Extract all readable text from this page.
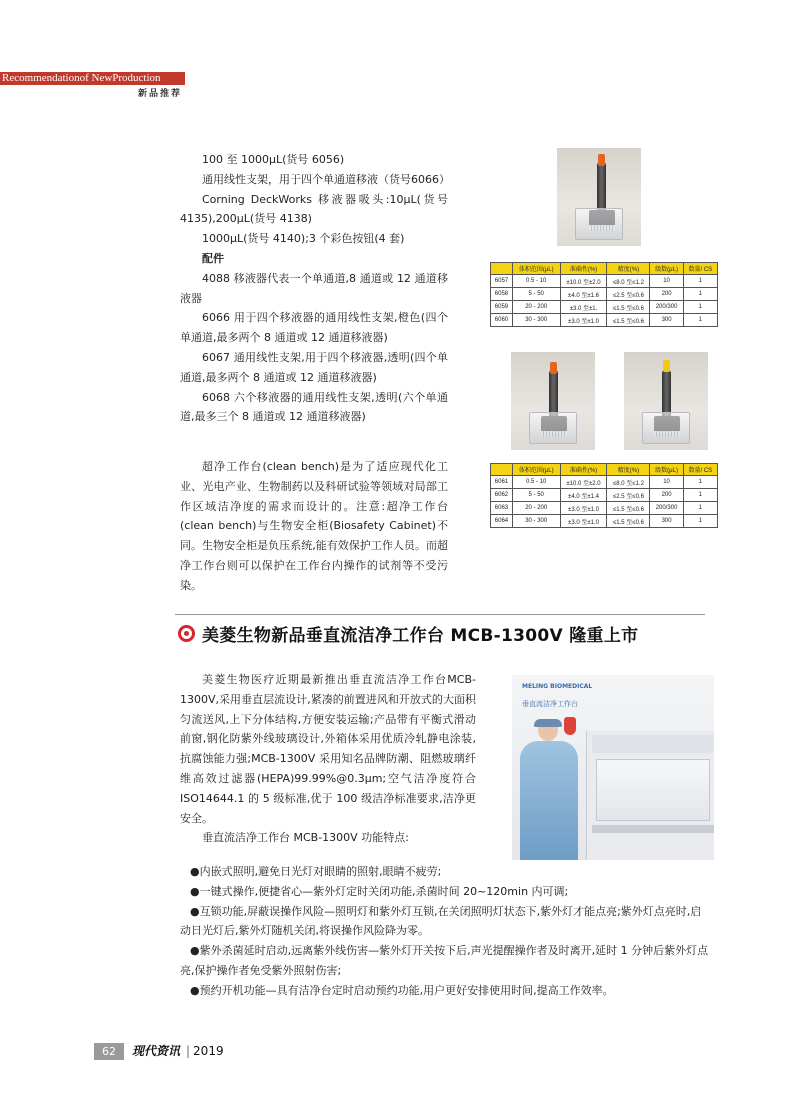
Recommendationof NewProduction
新品推荐

100 至 1000μL(货号 6056)

通用线性支架，用于四个单通道移液（货号6066）

Corning DeckWorks 移液器吸头:10μL(货号4135),200μL(货号 4138)

1000μL(货号 4140);3 个彩色按钮(4 套)

配件

4088 移液器代表一个单通道,8 通道或 12 通道移液器

6066 用于四个移液器的通用线性支架,橙色(四个单通道,最多两个 8 通道或 12 通道移液器)

6067 通用线性支架,用于四个移液器,透明(四个单通道,最多两个 8 通道或 12 通道移液器)

6068 六个移液器的通用线性支架,透明(六个单通道,最多三个 8 通道或 12 通道移液器)

超净工作台(clean bench)是为了适应现代化工业、光电产业、生物制药以及科研试验等领域对局部工作区域洁净度的需求而设计的。注意:超净工作台(clean bench)与生物安全柜(Biosafety Cabinet)不同。生物安全柜是负压系统,能有效保护工作人员。而超净工作台则可以保护在工作台内操作的试剂等不受污染。

	体积范围(μL)	准确性(%)	精度(%)	级数(μL)	数量/ CS
6057	0.5 - 10	±10.0 至±2.0	≤8.0 至≤1.2	10	1
6058	5 - 50	±4.0 至±1.6	≤2.5 至≤0.6	200	1
6059	20 - 200	±3.0 至±1.	≤1.5 至≤0.6	200/300	1
6060	30 - 300	±3.0 至±1.0	≤1.5 至≤0.6	300	1
	体积范围(μL)	准确性(%)	精度(%)	级数(μL)	数量/ CS
6061	0.5 - 10	±10.0 至±2.0	≤8.0 至≤1.2	10	1
6062	5 - 50	±4.0 至±1.4	≤2.5 至≤0.6	200	1
6063	20 - 200	±3.0 至±1.0	≤1.5 至≤0.6	200/300	1
6064	30 - 300	±3.0 至±1.0	≤1.5 至≤0.6	300	1
美菱生物新品垂直流洁净工作台 MCB-1300V 隆重上市

美菱生物医疗近期最新推出垂直流洁净工作台MCB-1300V,采用垂直层流设计,紧凑的前置进风和开放式的大面积匀流送风,上下分体结构,方便安装运输;产品带有平衡式滑动前窗,钢化防紫外线玻璃设计,外箱体采用优质冷轧静电涂装,抗腐蚀能力强;MCB-1300V 采用知名品牌防潮、阻燃玻璃纤维高效过滤器(HEPA)99.99%@0.3μm;空气洁净度符合 ISO14644.1 的 5 级标准,优于 100 级洁净标准要求,洁净更安全。

垂直流洁净工作台 MCB-1300V 功能特点:

MELING BIOMEDICAL
垂直流洁净工作台

●内嵌式照明,避免日光灯对眼睛的照射,眼睛不疲劳;

●一键式操作,便捷省心—紫外灯定时关闭功能,杀菌时间 20~120min 内可调;

●互锁功能,屏蔽误操作风险—照明灯和紫外灯互锁,在关闭照明灯状态下,紫外灯才能点亮;紫外灯点亮时,启动日光灯后,紫外灯随机关闭,将误操作风险降为零。

●紫外杀菌延时启动,远离紫外线伤害—紫外灯开关按下后,声光提醒操作者及时离开,延时 1 分钟后紫外灯点亮,保护操作者免受紫外照射伤害;

●预约开机功能—具有洁净台定时启动预约功能,用户更好安排使用时间,提高工作效率。

62	现代资讯	| 2019
